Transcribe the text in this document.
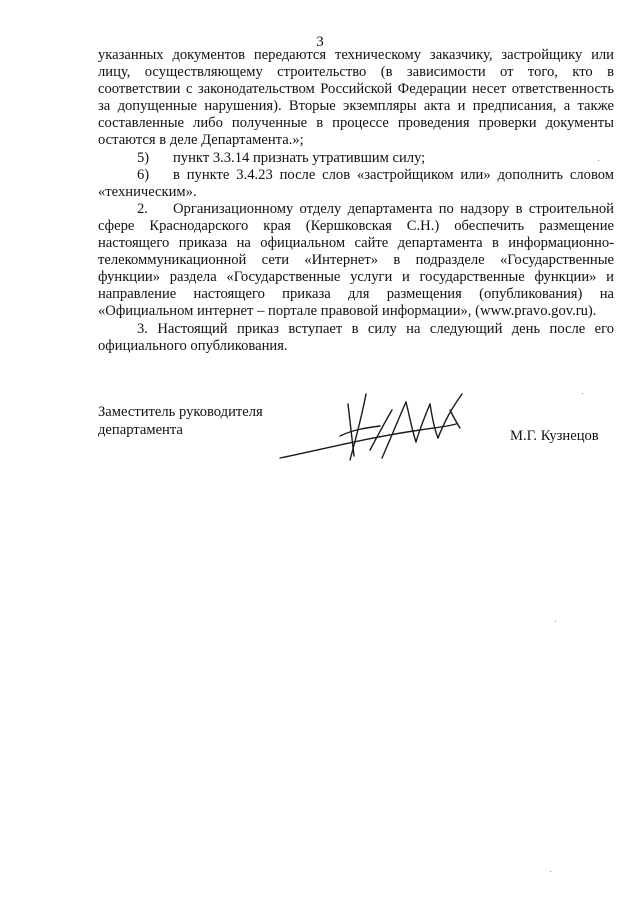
3

указанных документов передаются техническому заказчику, застройщику или лицу, осуществляющему строительство (в зависимости от того, кто в соответствии с законодательством Российской Федерации несет ответственность за допущенные нарушения). Вторые экземпляры акта и предписания, а также составленные либо полученные в процессе проведения проверки документы остаются в деле Департамента.»;

5) пункт 3.3.14 признать утратившим силу;

6) в пункте 3.4.23 после слов «застройщиком или» дополнить словом «техническим».

2. Организационному отделу департамента по надзору в строительной сфере Краснодарского края (Кершковская С.Н.) обеспечить размещение настоящего приказа на официальном сайте департамента в информационно-телекоммуникационной сети «Интернет» в подразделе «Государственные функции» раздела «Государственные услуги и государственные функции» и направление настоящего приказа для размещения (опубликования) на «Официальном интернет – портале правовой информации», (www.pravo.gov.ru).

3. Настоящий приказ вступает в силу на следующий день после его официального опубликования.

Заместитель руководителя
департамента	М.Г. Кузнецов
